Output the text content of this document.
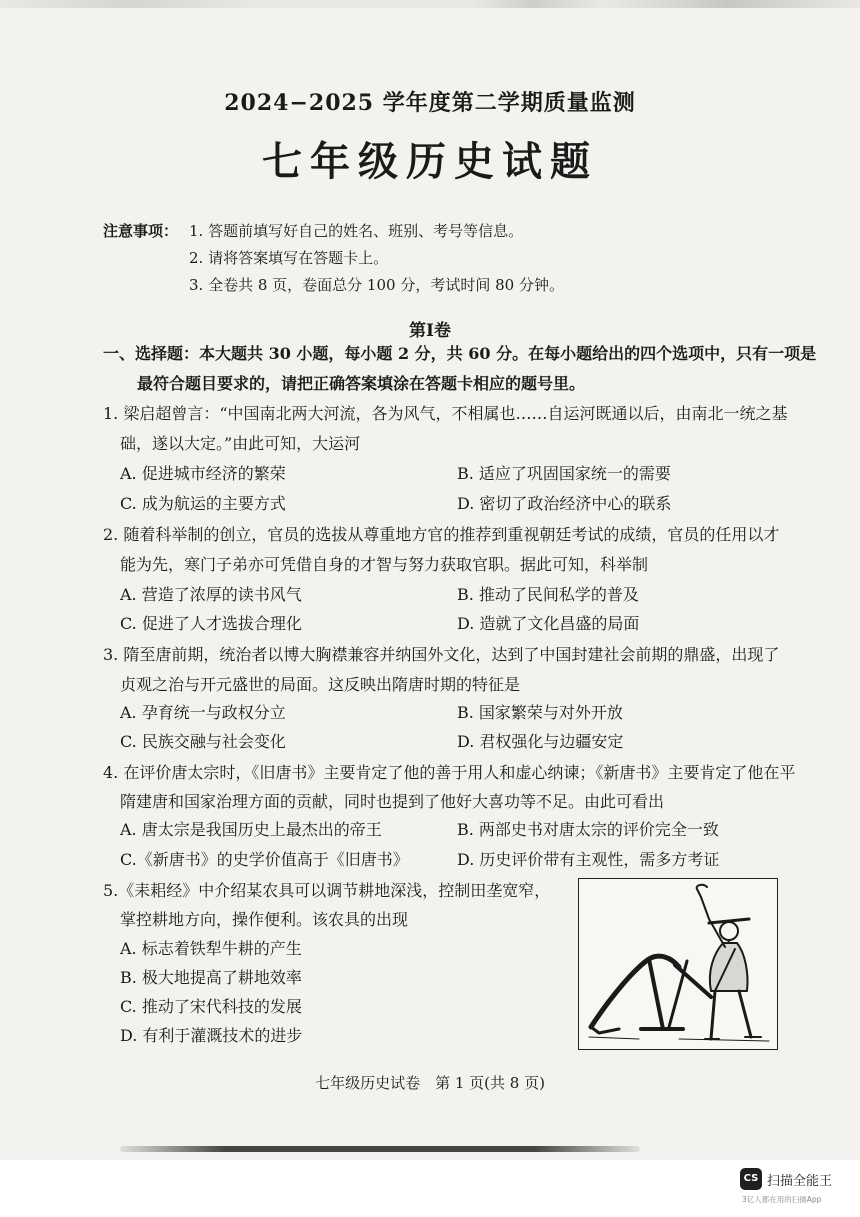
2024−2025 学年度第二学期质量监测
七年级历史试题
注意事项： 1. 答题前填写好自己的姓名、班别、考号等信息。
2. 请将答案填写在答题卡上。
3. 全卷共 8 页，卷面总分 100 分，考试时间 80 分钟。
第Ⅰ卷
一、选择题：本大题共 30 小题，每小题 2 分，共 60 分。在每小题给出的四个选项中，只有一项是
最符合题目要求的，请把正确答案填涂在答题卡相应的题号里。
1. 梁启超曾言：“中国南北两大河流，各为风气，不相属也……自运河既通以后，由南北一统之基
础，遂以大定。”由此可知，大运河
A. 促进城市经济的繁荣	B. 适应了巩固国家统一的需要
C. 成为航运的主要方式	D. 密切了政治经济中心的联系
2. 随着科举制的创立，官员的选拔从尊重地方官的推荐到重视朝廷考试的成绩，官员的任用以才
能为先，寒门子弟亦可凭借自身的才智与努力获取官职。据此可知，科举制
A. 营造了浓厚的读书风气	B. 推动了民间私学的普及
C. 促进了人才选拔合理化	D. 造就了文化昌盛的局面
3. 隋至唐前期，统治者以博大胸襟兼容并纳国外文化，达到了中国封建社会前期的鼎盛，出现了
贞观之治与开元盛世的局面。这反映出隋唐时期的特征是
A. 孕育统一与政权分立	B. 国家繁荣与对外开放
C. 民族交融与社会变化	D. 君权强化与边疆安定
4. 在评价唐太宗时，《旧唐书》主要肯定了他的善于用人和虚心纳谏；《新唐书》主要肯定了他在平
隋建唐和国家治理方面的贡献，同时也提到了他好大喜功等不足。由此可看出
A. 唐太宗是我国历史上最杰出的帝王	B. 两部史书对唐太宗的评价完全一致
C.《新唐书》的史学价值高于《旧唐书》	D. 历史评价带有主观性，需多方考证
5.《耒耜经》中介绍某农具可以调节耕地深浅，控制田垄宽窄，
掌控耕地方向，操作便利。该农具的出现
A. 标志着铁犁牛耕的产生
B. 极大地提高了耕地效率
C. 推动了宋代科技的发展
D. 有利于灌溉技术的进步
七年级历史试卷　第 1 页(共 8 页)
CS 扫描全能王
3亿人都在用的扫描App
